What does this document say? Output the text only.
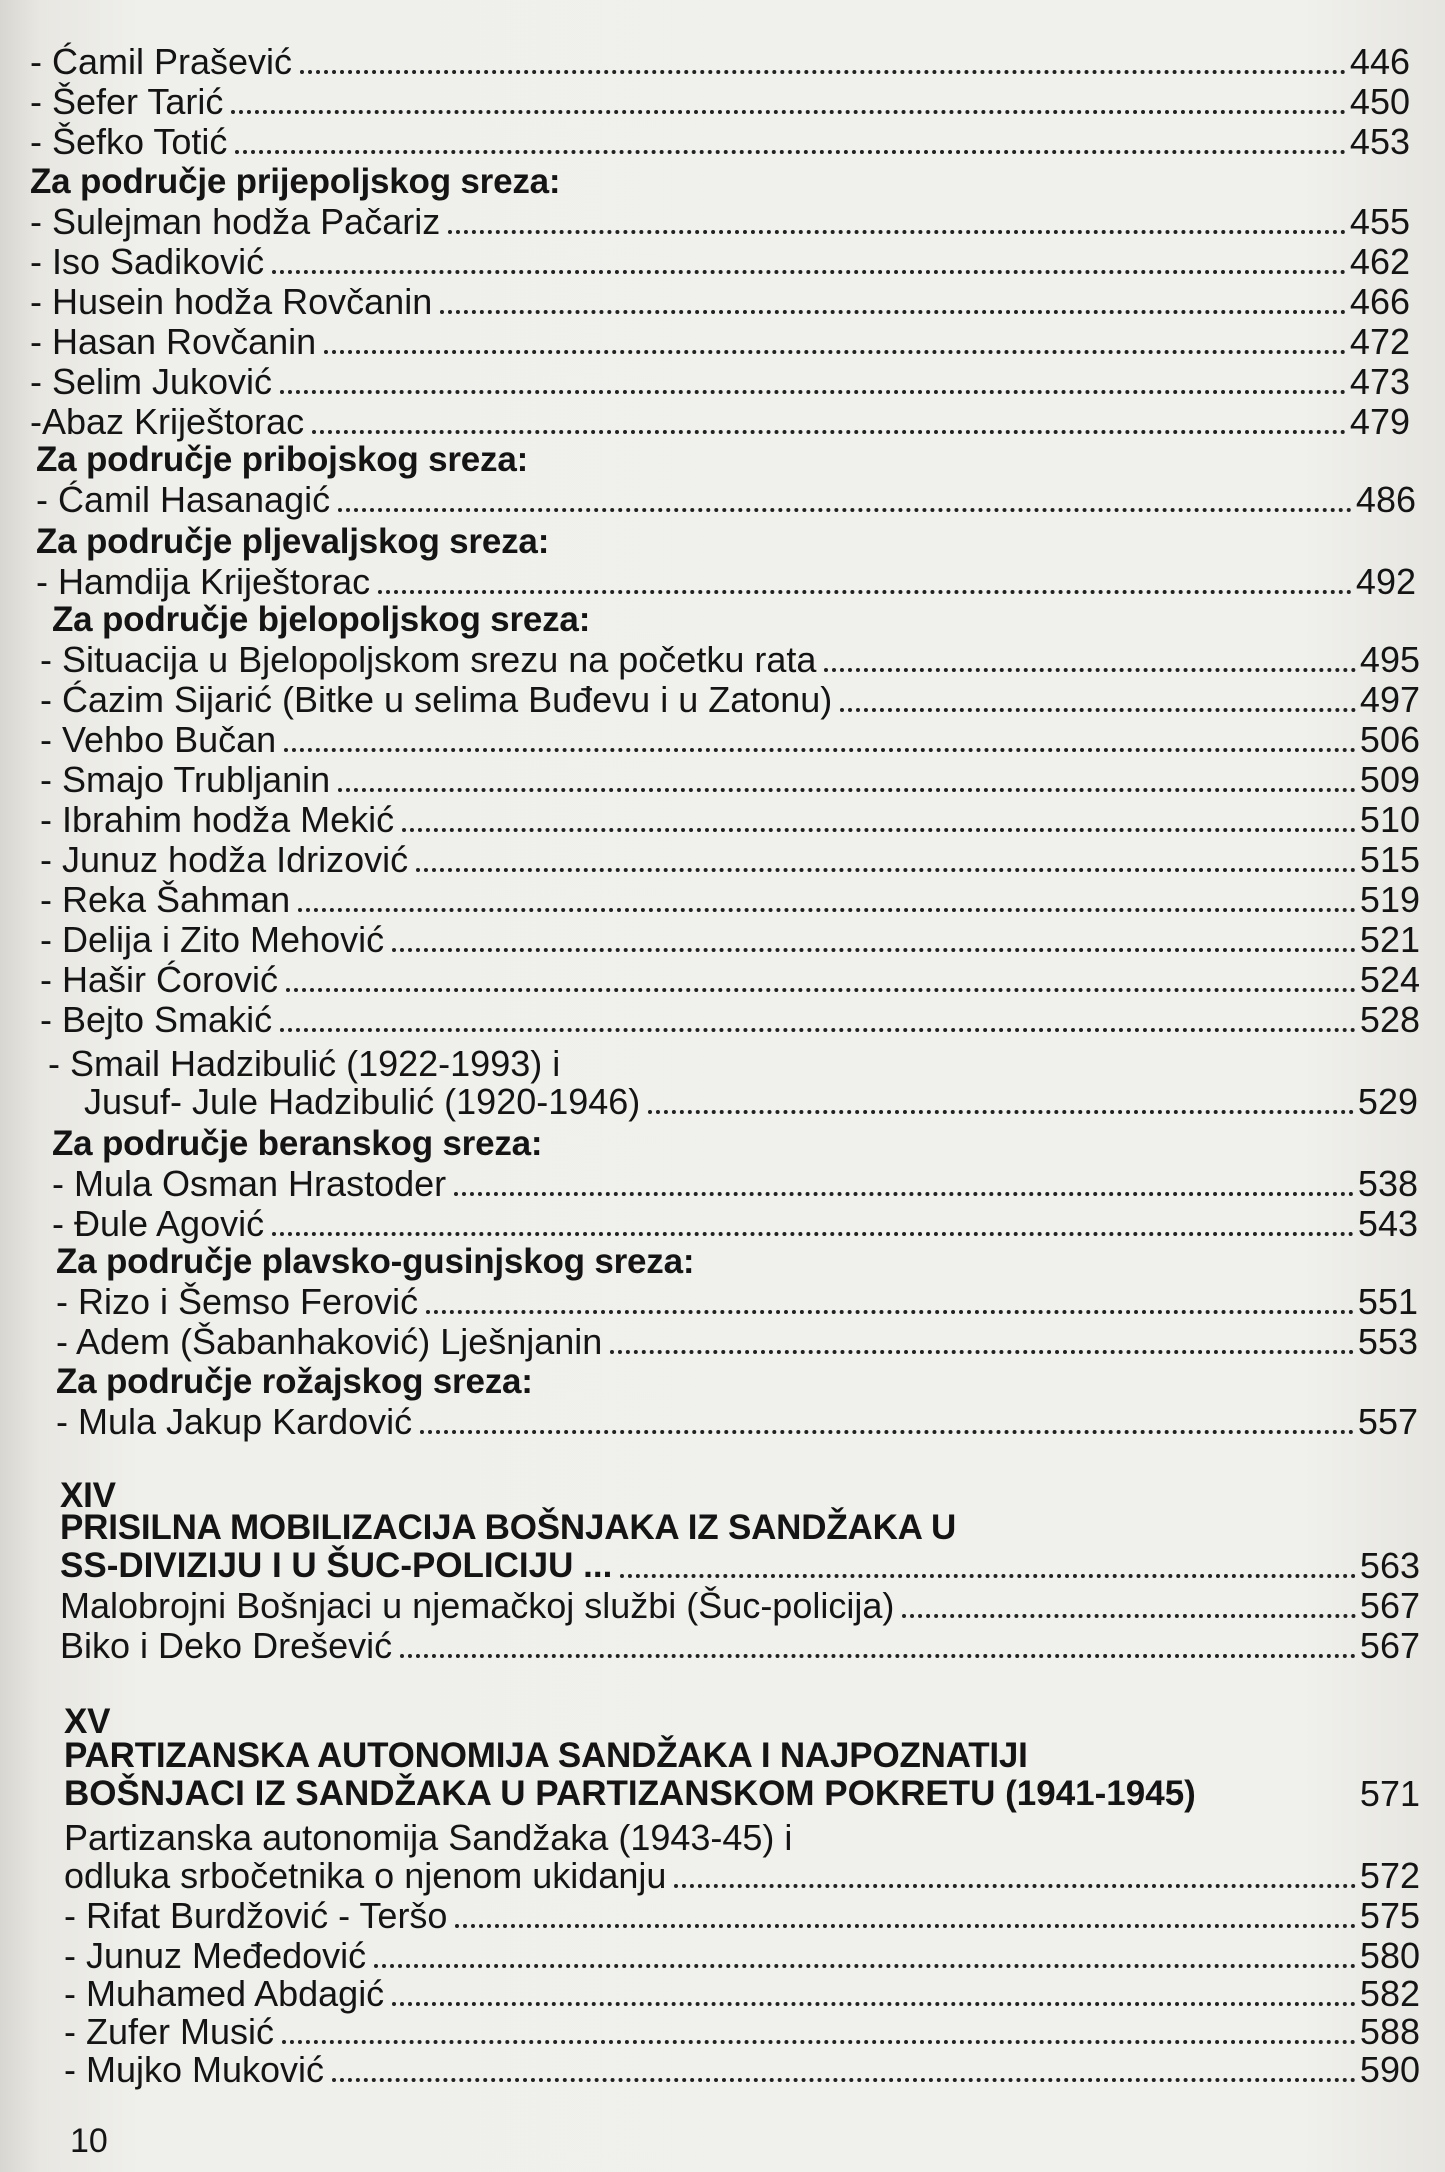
- Ćamil Prašević	446
- Šefer Tarić	450
- Šefko Totić	453
Za područje prijepoljskog sreza:
- Sulejman hodža Pačariz	455
- Iso Sadiković	462
- Husein hodža Rovčanin	466
- Hasan Rovčanin	472
- Selim Juković	473
-Abaz Kriještorac	479
Za područje pribojskog sreza:
- Ćamil Hasanagić	486
Za područje pljevaljskog sreza:
- Hamdija Kriještorac	492
Za područje bjelopoljskog sreza:
- Situacija u Bjelopoljskom srezu na početku rata	495
- Ćazim Sijarić (Bitke u selima Buđevu i u Zatonu)	497
- Vehbo Bučan	506
- Smajo Trubljanin	509
- Ibrahim hodža Mekić	510
- Junuz hodža Idrizović	515
- Reka Šahman	519
- Delija i Zito Mehović	521
- Hašir Ćorović	524
- Bejto Smakić	528
- Smail Hadzibulić (1922-1993) i
Jusuf- Jule Hadzibulić (1920-1946)	529
Za područje beranskog sreza:
- Mula Osman Hrastoder	538
- Đule Agović	543
Za područje plavsko-gusinjskog sreza:
- Rizo i Šemso Ferović	551
- Adem (Šabanhaković) Lješnjanin	553
Za područje rožajskog sreza:
- Mula Jakup Kardović	557
XIV
PRISILNA MOBILIZACIJA BOŠNJAKA IZ SANDŽAKA U
SS-DIVIZIJU I U ŠUC-POLICIJU ...	563
Malobrojni Bošnjaci u njemačkoj službi (Šuc-policija)	567
Biko i Deko Drešević	567
XV
PARTIZANSKA AUTONOMIJA SANDŽAKA I NAJPOZNATIJI
BOŠNJACI IZ SANDŽAKA U PARTIZANSKOM POKRETU (1941-1945)	571
Partizanska autonomija Sandžaka (1943-45) i
odluka srbočetnika o njenom ukidanju	572
- Rifat Burdžović - Teršo	575
- Junuz Međedović	580
- Muhamed Abdagić	582
- Zufer Musić	588
- Mujko Muković	590
10
